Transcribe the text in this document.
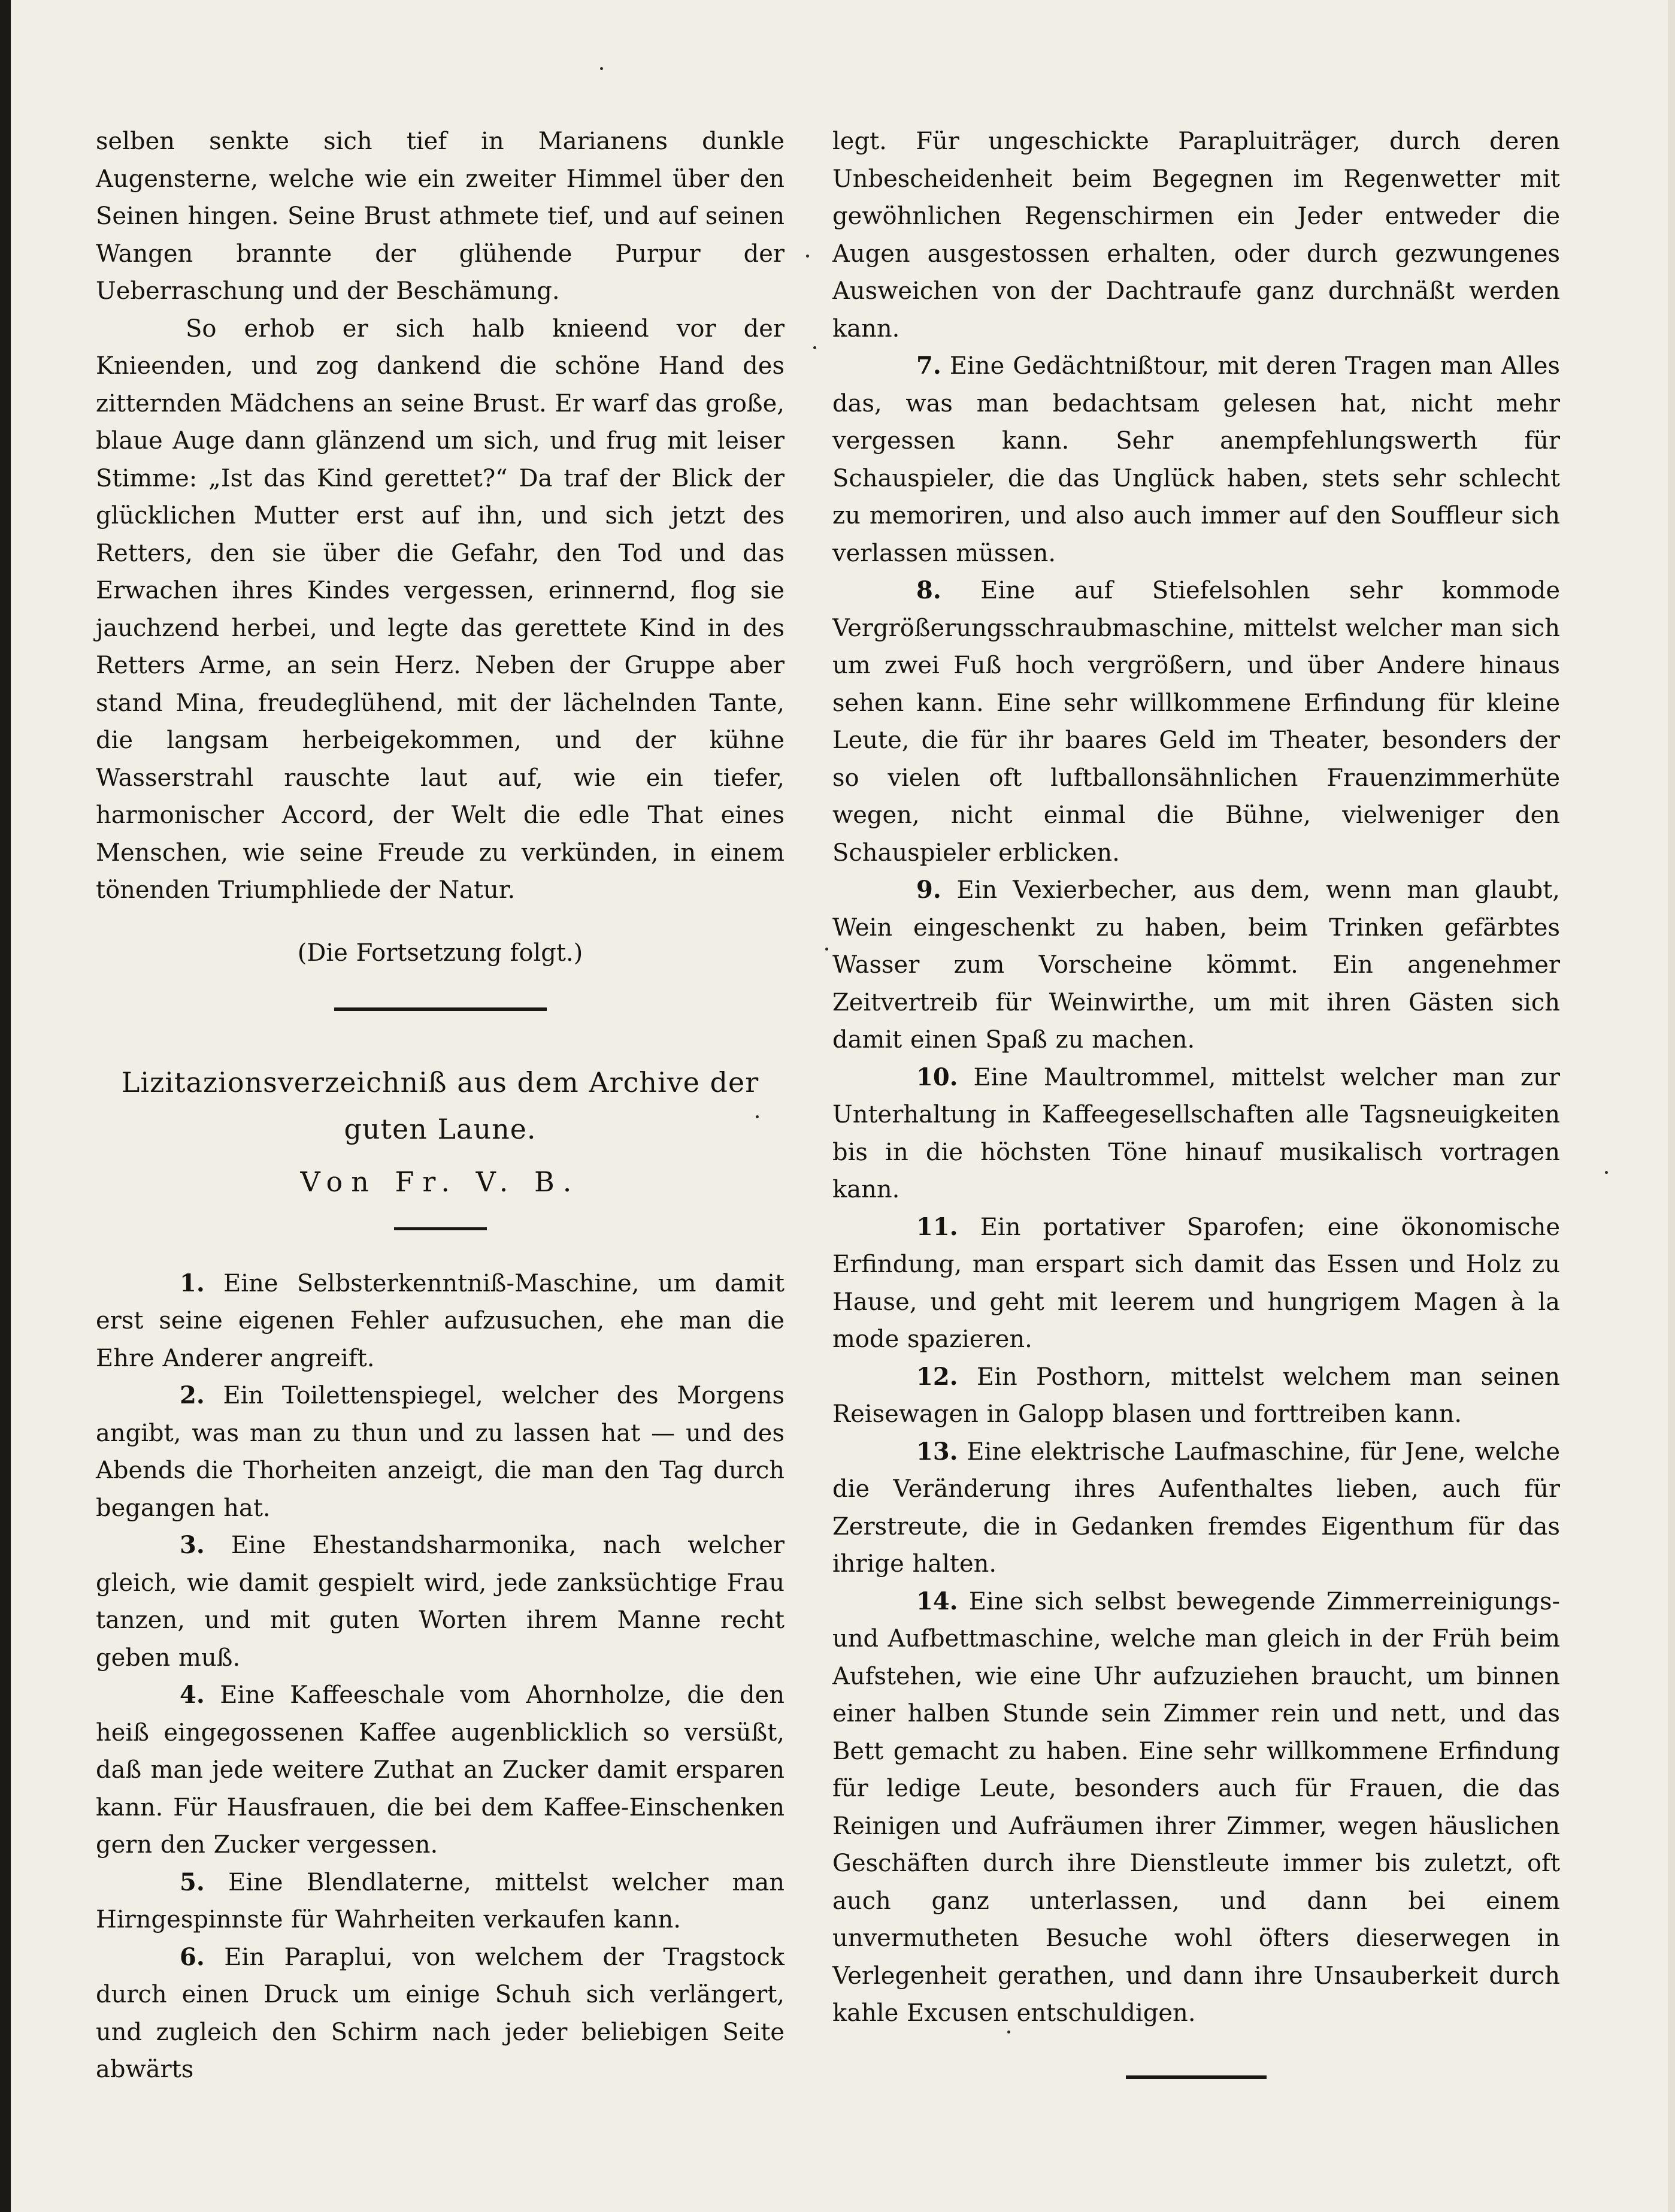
selben senkte sich tief in Marianens dunkle Augensterne, welche wie ein zweiter Himmel über den Seinen hingen. Seine Brust athmete tief, und auf seinen Wangen brannte der glühende Purpur der Ueberraschung und der Beschämung.

So erhob er sich halb knieend vor der Knieenden, und zog dankend die schöne Hand des zitternden Mädchens an seine Brust. Er warf das große, blaue Auge dann glänzend um sich, und frug mit leiser Stimme: „Ist das Kind gerettet?“ Da traf der Blick der glücklichen Mutter erst auf ihn, und sich jetzt des Retters, den sie über die Gefahr, den Tod und das Erwachen ihres Kindes vergessen, erinnernd, flog sie jauchzend herbei, und legte das gerettete Kind in des Retters Arme, an sein Herz. Neben der Gruppe aber stand Mina, freudeglühend, mit der lächelnden Tante, die langsam herbeigekommen, und der kühne Wasserstrahl rauschte laut auf, wie ein tiefer, harmonischer Accord, der Welt die edle That eines Menschen, wie seine Freude zu verkünden, in einem tönenden Triumphliede der Natur.

(Die Fortsetzung folgt.)

Lizitazionsverzeichniß aus dem Archive der guten Laune.

Von Fr. V. B.

1. Eine Selbsterkenntniß-Maschine, um damit erst seine eigenen Fehler aufzusuchen, ehe man die Ehre Anderer angreift.

2. Ein Toilettenspiegel, welcher des Morgens angibt, was man zu thun und zu lassen hat — und des Abends die Thorheiten anzeigt, die man den Tag durch begangen hat.

3. Eine Ehestandsharmonika, nach welcher gleich, wie damit gespielt wird, jede zanksüchtige Frau tanzen, und mit guten Worten ihrem Manne recht geben muß.

4. Eine Kaffeeschale vom Ahornholze, die den heiß eingegossenen Kaffee augenblicklich so versüßt, daß man jede weitere Zuthat an Zucker damit ersparen kann. Für Hausfrauen, die bei dem Kaffee-Einschenken gern den Zucker vergessen.

5. Eine Blendlaterne, mittelst welcher man Hirngespinnste für Wahrheiten verkaufen kann.

6. Ein Paraplui, von welchem der Tragstock durch einen Druck um einige Schuh sich verlängert, und zugleich den Schirm nach jeder beliebigen Seite abwärts

legt. Für ungeschickte Parapluiträger, durch deren Unbescheidenheit beim Begegnen im Regenwetter mit gewöhnlichen Regenschirmen ein Jeder entweder die Augen ausgestossen erhalten, oder durch gezwungenes Ausweichen von der Dachtraufe ganz durchnäßt werden kann.

7. Eine Gedächtnißtour, mit deren Tragen man Alles das, was man bedachtsam gelesen hat, nicht mehr vergessen kann. Sehr anempfehlungswerth für Schauspieler, die das Unglück haben, stets sehr schlecht zu memoriren, und also auch immer auf den Souffleur sich verlassen müssen.

8. Eine auf Stiefelsohlen sehr kommode Vergrößerungsschraubmaschine, mittelst welcher man sich um zwei Fuß hoch vergrößern, und über Andere hinaus sehen kann. Eine sehr willkommene Erfindung für kleine Leute, die für ihr baares Geld im Theater, besonders der so vielen oft luftballonsähnlichen Frauenzimmerhüte wegen, nicht einmal die Bühne, vielweniger den Schauspieler erblicken.

9. Ein Vexierbecher, aus dem, wenn man glaubt, Wein eingeschenkt zu haben, beim Trinken gefärbtes Wasser zum Vorscheine kömmt. Ein angenehmer Zeitvertreib für Weinwirthe, um mit ihren Gästen sich damit einen Spaß zu machen.

10. Eine Maultrommel, mittelst welcher man zur Unterhaltung in Kaffeegesellschaften alle Tagsneuigkeiten bis in die höchsten Töne hinauf musikalisch vortragen kann.

11. Ein portativer Sparofen; eine ökonomische Erfindung, man erspart sich damit das Essen und Holz zu Hause, und geht mit leerem und hungrigem Magen à la mode spazieren.

12. Ein Posthorn, mittelst welchem man seinen Reisewagen in Galopp blasen und forttreiben kann.

13. Eine elektrische Laufmaschine, für Jene, welche die Veränderung ihres Aufenthaltes lieben, auch für Zerstreute, die in Gedanken fremdes Eigenthum für das ihrige halten.

14. Eine sich selbst bewegende Zimmerreinigungs- und Aufbettmaschine, welche man gleich in der Früh beim Aufstehen, wie eine Uhr aufzuziehen braucht, um binnen einer halben Stunde sein Zimmer rein und nett, und das Bett gemacht zu haben. Eine sehr willkommene Erfindung für ledige Leute, besonders auch für Frauen, die das Reinigen und Aufräumen ihrer Zimmer, wegen häuslichen Geschäften durch ihre Dienstleute immer bis zuletzt, oft auch ganz unterlassen, und dann bei einem unvermutheten Besuche wohl öfters dieserwegen in Verlegenheit gerathen, und dann ihre Unsauberkeit durch kahle Excusen entschuldigen.
